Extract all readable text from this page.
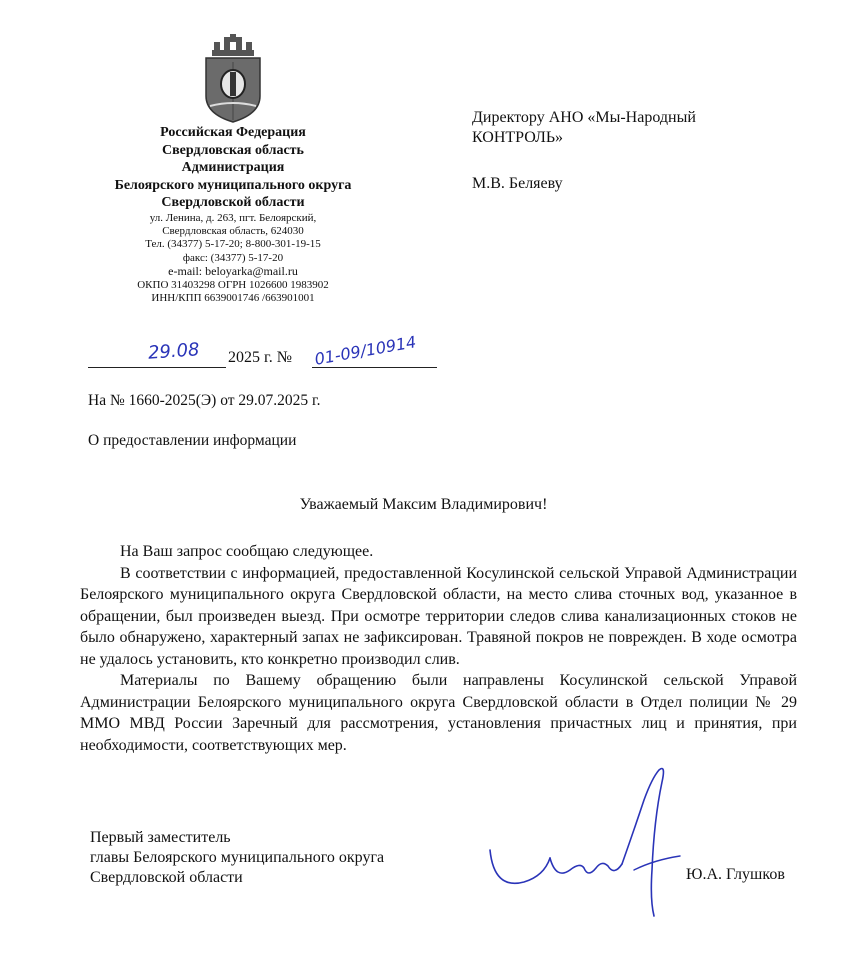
Российская Федерация
Свердловская область
Администрация
Белоярского муниципального округа
Свердловской области
ул. Ленина, д. 263, пгт. Белоярский,
Свердловская область, 624030
Тел. (34377) 5-17-20; 8-800-301-19-15
факс: (34377) 5-17-20
e-mail: beloyarka@mail.ru
ОКПО 31403298 ОГРН 1026600 1983902
ИНН/КПП 6639001746 /663901001
Директору АНО «Мы-Народный
КОНТРОЛЬ»
М.В. Беляеву
29.08 2025 г. № 01-09/10914
На № 1660-2025(Э) от 29.07.2025 г.
О предоставлении информации
Уважаемый Максим Владимирович!

На Ваш запрос сообщаю следующее.

В соответствии с информацией, предоставленной Косулинской сельской Управой Администрации Белоярского муниципального округа Свердловской области, на место слива сточных вод, указанное в обращении, был произведен выезд. При осмотре территории следов слива канализационных стоков не было обнаружено, характерный запах не зафиксирован. Травяной покров не поврежден. В ходе осмотра не удалось установить, кто конкретно производил слив.

Материалы по Вашему обращению были направлены Косулинской сельской Управой Администрации Белоярского муниципального округа Свердловской области в Отдел полиции № 29 ММО МВД России Заречный для рассмотрения, установления причастных лиц и принятия, при необходимости, соответствующих мер.

Первый заместитель
главы Белоярского муниципального округа
Свердловской области	Ю.А. Глушков
